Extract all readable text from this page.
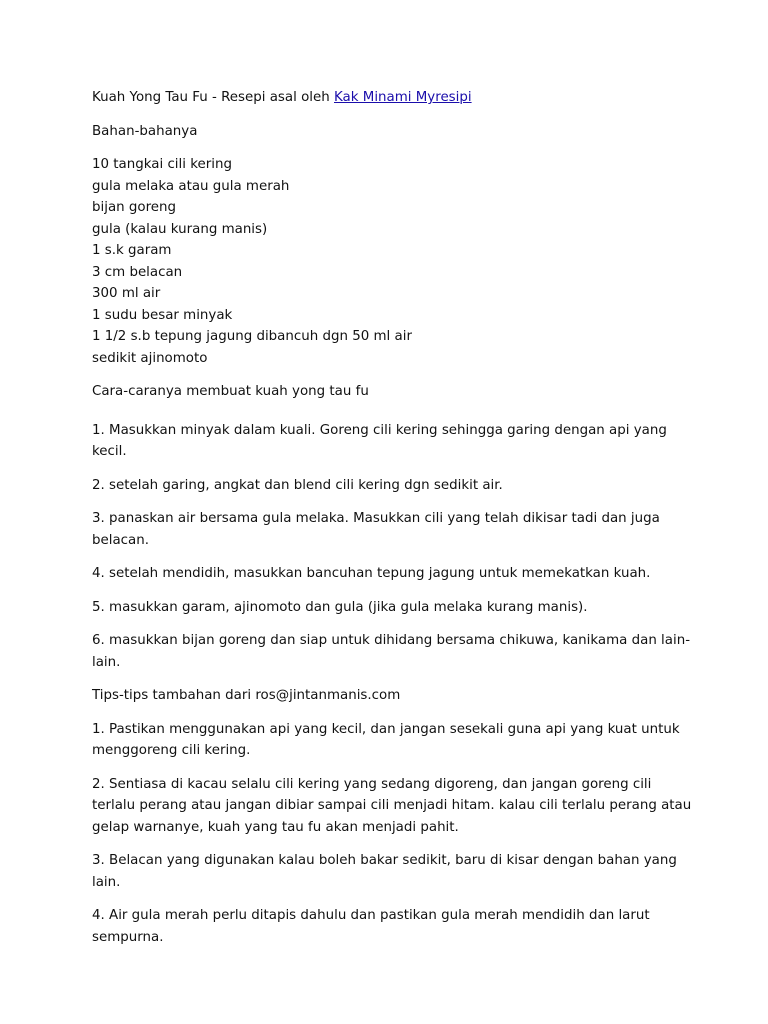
Kuah Yong Tau Fu - Resepi asal oleh Kak Minami Myresipi

Bahan-bahanya

10 tangkai cili kering
gula melaka atau gula merah
bijan goreng
gula (kalau kurang manis)
1 s.k garam
3 cm belacan
300 ml air
1 sudu besar minyak
1 1/2 s.b tepung jagung dibancuh dgn 50 ml air
sedikit ajinomoto

Cara-caranya membuat kuah yong tau fu

1. Masukkan minyak dalam kuali. Goreng cili kering sehingga garing dengan api yang kecil.

2. setelah garing, angkat dan blend cili kering dgn sedikit air.

3. panaskan air bersama gula melaka. Masukkan cili yang telah dikisar tadi dan juga belacan.

4. setelah mendidih, masukkan bancuhan tepung jagung untuk memekatkan kuah.

5. masukkan garam, ajinomoto dan gula (jika gula melaka kurang manis).

6. masukkan bijan goreng dan siap untuk dihidang bersama chikuwa, kanikama dan lain-lain.

Tips-tips tambahan dari ros@jintanmanis.com

1. Pastikan menggunakan api yang kecil, dan jangan sesekali guna api yang kuat untuk menggoreng cili kering.

2. Sentiasa di kacau selalu cili kering yang sedang digoreng, dan jangan goreng cili terlalu perang atau jangan dibiar sampai cili menjadi hitam. kalau cili terlalu perang atau gelap warnanye, kuah yang tau fu akan menjadi pahit.

3. Belacan yang digunakan kalau boleh bakar sedikit, baru di kisar dengan bahan yang lain.

4. Air gula merah perlu ditapis dahulu dan pastikan gula merah mendidih dan larut sempurna.
